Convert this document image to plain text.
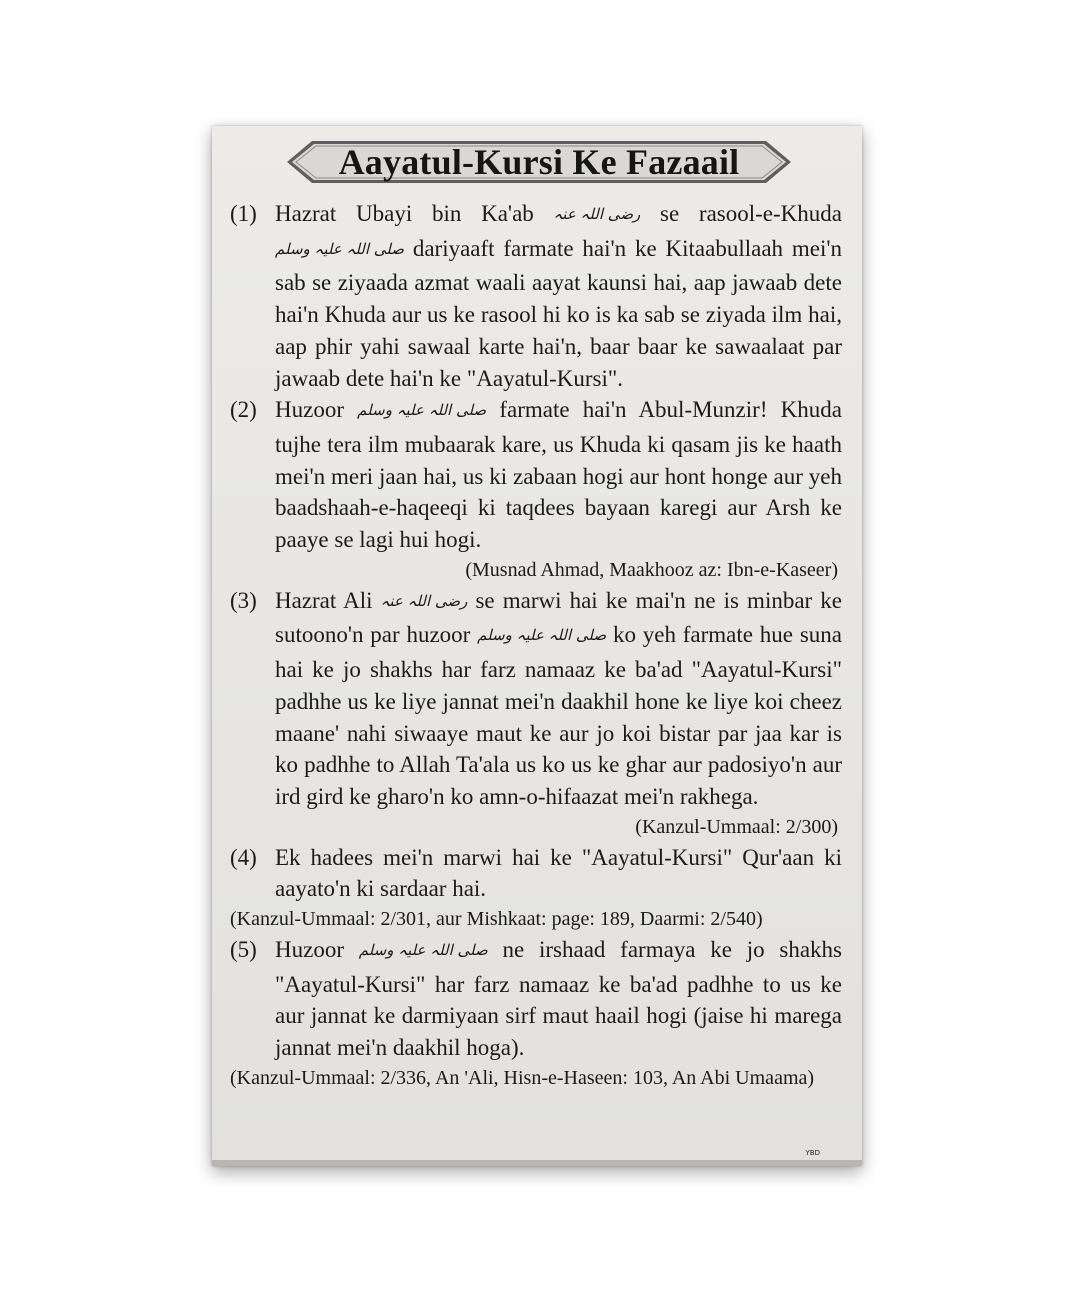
Aayatul-Kursi Ke Fazaail
(1) Hazrat Ubayi bin Ka'ab رضی اللہ عنہ se rasool-e-Khuda صلی اللہ علیہ وسلم dariyaaft farmate hai'n ke Kitaabullaah mei'n sab se ziyaada azmat waali aayat kaunsi hai, aap jawaab dete hai'n Khuda aur us ke rasool hi ko is ka sab se ziyada ilm hai, aap phir yahi sawaal karte hai'n, baar baar ke sawaalaat par jawaab dete hai'n ke "Aayatul-Kursi".
(2) Huzoor صلی اللہ علیہ وسلم farmate hai'n Abul-Munzir! Khuda tujhe tera ilm mubaarak kare, us Khuda ki qasam jis ke haath mei'n meri jaan hai, us ki zabaan hogi aur hont honge aur yeh baadshaah-e-haqeeqi ki taqdees bayaan karegi aur Arsh ke paaye se lagi hui hogi.
(Musnad Ahmad, Maakhooz az: Ibn-e-Kaseer)
(3) Hazrat Ali رضی اللہ عنہ se marwi hai ke mai'n ne is minbar ke sutoono'n par huzoor صلی اللہ علیہ وسلم ko yeh farmate hue suna hai ke jo shakhs har farz namaaz ke ba'ad "Aayatul-Kursi" padhhe us ke liye jannat mei'n daakhil hone ke liye koi cheez maane' nahi siwaaye maut ke aur jo koi bistar par jaa kar is ko padhhe to Allah Ta'ala us ko us ke ghar aur padosiyo'n aur ird gird ke gharo'n ko amn-o-hifaazat mei'n rakhega.
(Kanzul-Ummaal: 2/300)
(4) Ek hadees mei'n marwi hai ke "Aayatul-Kursi" Qur'aan ki aayato'n ki sardaar hai.
(Kanzul-Ummaal: 2/301, aur Mishkaat: page: 189, Daarmi: 2/540)
(5) Huzoor صلی اللہ علیہ وسلم ne irshaad farmaya ke jo shakhs "Aayatul-Kursi" har farz namaaz ke ba'ad padhhe to us ke aur jannat ke darmiyaan sirf maut haail hogi (jaise hi marega jannat mei'n daakhil hoga).
(Kanzul-Ummaal: 2/336, An 'Ali, Hisn-e-Haseen: 103, An Abi Umaama)
YBD
